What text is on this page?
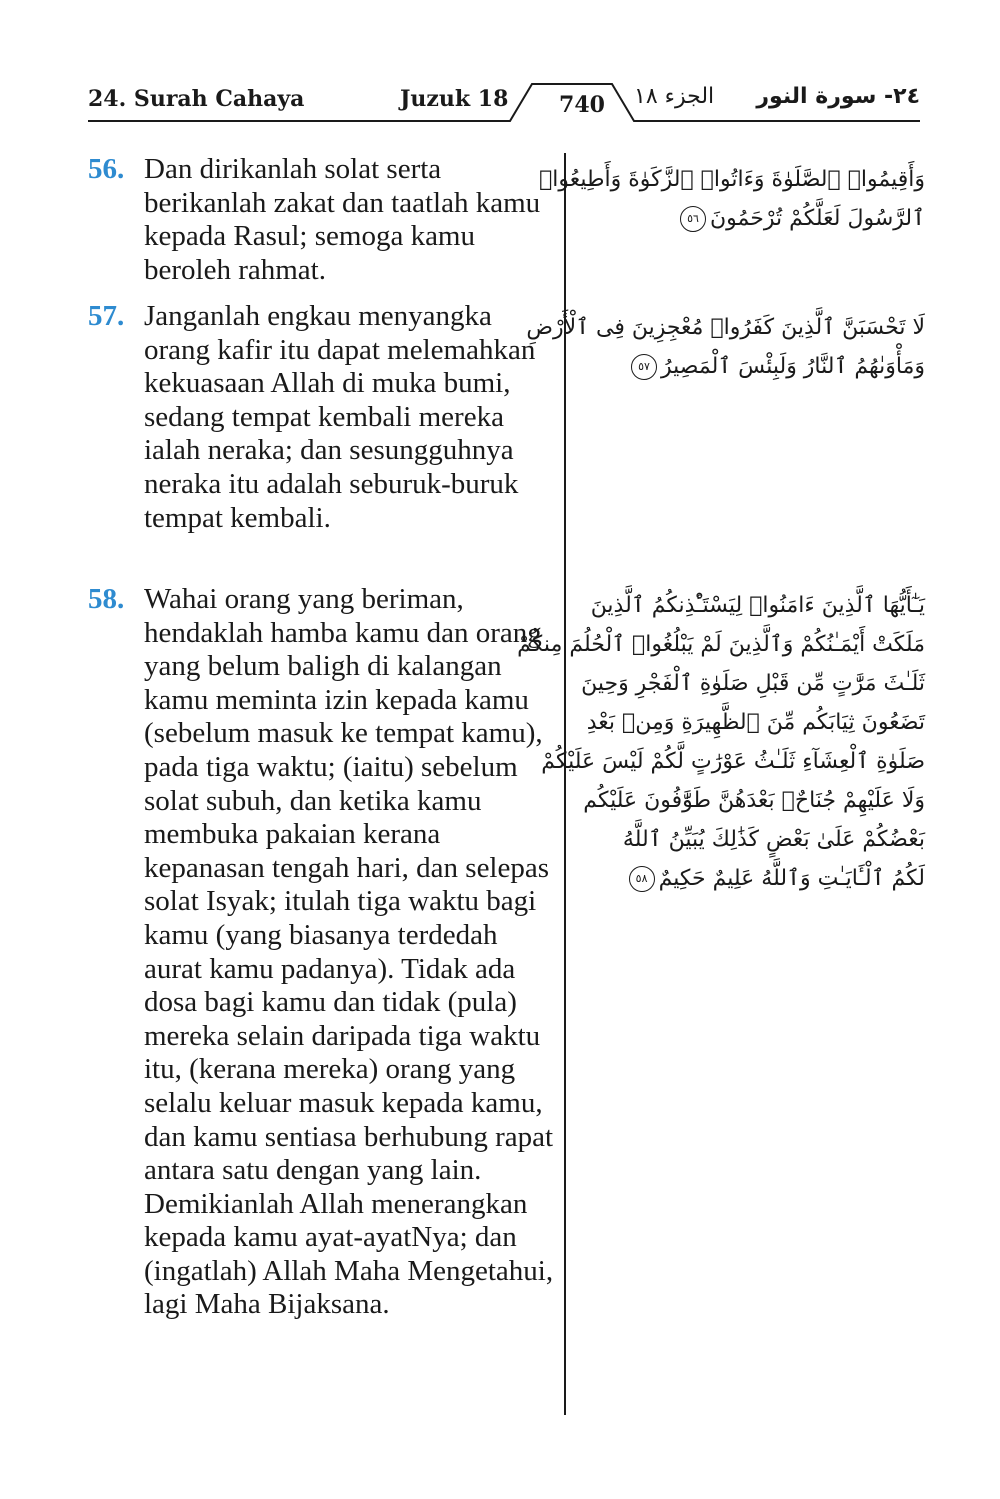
24. Surah Cahaya	Juzuk 18	740	الجزء ١٨ ٢٤- سورة النور
56. Dan dirikanlah solat serta berikanlah zakat dan taatlah kamu kepada Rasul; semoga kamu beroleh rahmat.
وَأَقِيمُوا۟ ٱلصَّلَوٰةَ وَءَاتُوا۟ ٱلزَّكَوٰةَ وَأَطِيعُوا۟
ٱلرَّسُولَ لَعَلَّكُمْ تُرْحَمُونَ٥٦
57. Janganlah engkau menyangka orang kafir itu dapat melemahkan kekuasaan Allah di muka bumi, sedang tempat kembali mereka ialah neraka; dan sesungguhnya neraka itu adalah seburuk-buruk tempat kembali.
لَا تَحْسَبَنَّ ٱلَّذِينَ كَفَرُوا۟ مُعْجِزِينَ فِى ٱلْأَرْضِ
وَمَأْوَىٰهُمُ ٱلنَّارُ وَلَبِئْسَ ٱلْمَصِيرُ٥٧
58. Wahai orang yang beriman, hendaklah hamba kamu dan orang yang belum baligh di kalangan kamu meminta izin kepada kamu (sebelum masuk ke tempat kamu), pada tiga waktu; (iaitu) sebelum solat subuh, dan ketika kamu membuka pakaian kerana kepanasan tengah hari, dan selepas solat Isyak; itulah tiga waktu bagi kamu (yang biasanya terdedah aurat kamu padanya). Tidak ada dosa bagi kamu dan tidak (pula) mereka selain daripada tiga waktu itu, (kerana mereka) orang yang selalu keluar masuk kepada kamu, dan kamu sentiasa berhubung rapat antara satu dengan yang lain. Demikianlah Allah menerangkan kepada kamu ayat-ayatNya; dan (ingatlah) Allah Maha Mengetahui, lagi Maha Bijaksana.
يَـٰٓأَيُّهَا ٱلَّذِينَ ءَامَنُوا۟ لِيَسْتَـْٔذِنكُمُ ٱلَّذِينَ
مَلَكَتْ أَيْمَـٰنُكُمْ وَٱلَّذِينَ لَمْ يَبْلُغُوا۟ ٱلْحُلُمَ مِنكُمْ
ثَلَـٰثَ مَرَّٰتٍ مِّن قَبْلِ صَلَوٰةِ ٱلْفَجْرِ وَحِينَ
تَضَعُونَ ثِيَابَكُم مِّنَ ٱلظَّهِيرَةِ وَمِنۢ بَعْدِ
صَلَوٰةِ ٱلْعِشَآءِ ثَلَـٰثُ عَوْرَٰتٍ لَّكُمْ لَيْسَ عَلَيْكُمْ
وَلَا عَلَيْهِمْ جُنَاحٌۢ بَعْدَهُنَّ طَوَّٰفُونَ عَلَيْكُم
بَعْضُكُمْ عَلَىٰ بَعْضٍ كَذَٰلِكَ يُبَيِّنُ ٱللَّهُ
لَكُمُ ٱلْـَٔايَـٰتِ وَٱللَّهُ عَلِيمٌ حَكِيمٌ٥٨
